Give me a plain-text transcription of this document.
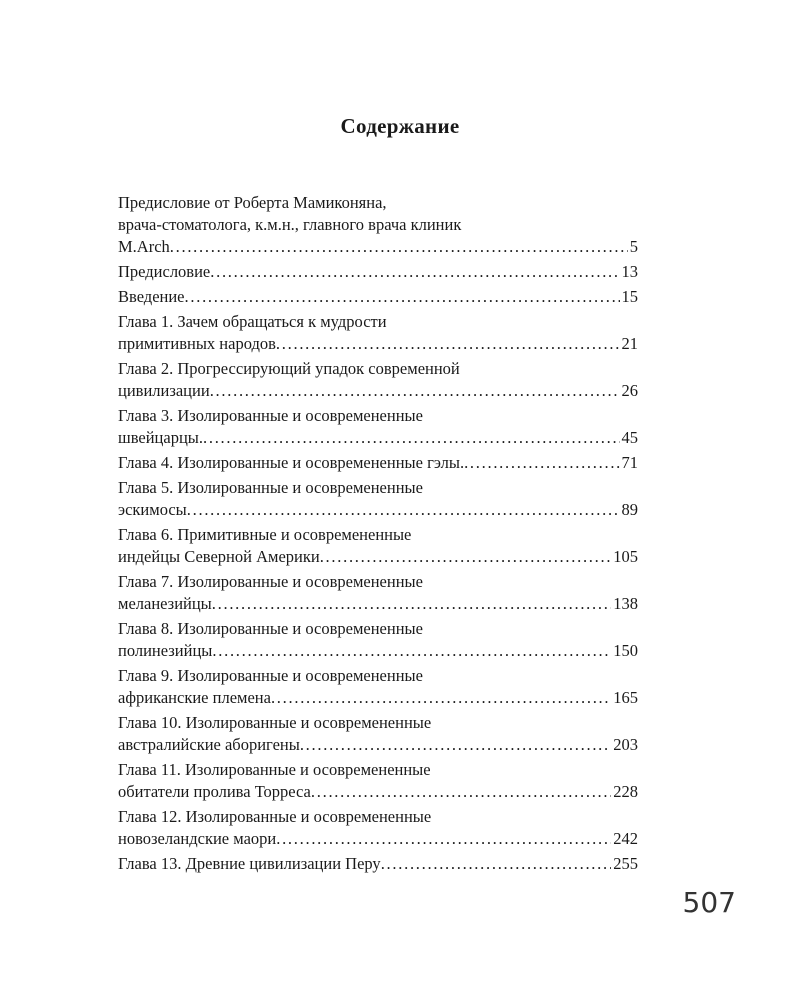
Содержание
Предисловие от Роберта Мамиконяна,
врача-стоматолога, к.м.н., главного врача клиник
M.Arch . . .	5
Предисловие . . .	13
Введение . . .	15
Глава 1. Зачем обращаться к мудрости
примитивных народов . . .	21
Глава 2. Прогрессирующий упадок современной
цивилизации . . .	26
Глава 3. Изолированные и осовремененные
швейцарцы. . . .	45
Глава 4. Изолированные и осовремененные гэлы. . . .	71
Глава 5. Изолированные и осовремененные
эскимосы . . .	89
Глава 6. Примитивные и осовремененные
индейцы Северной Америки . . .	105
Глава 7. Изолированные и осовремененные
меланезийцы . . .	138
Глава 8. Изолированные и осовремененные
полинезийцы . . .	150
Глава 9. Изолированные и осовремененные
африканские племена . . .	165
Глава 10. Изолированные и осовремененные
австралийские аборигены . . .	203
Глава 11. Изолированные и осовремененные
обитатели пролива Торреса . . .	228
Глава 12. Изолированные и осовремененные
новозеландские маори . . .	242
Глава 13. Древние цивилизации Перу . . .	255
507
